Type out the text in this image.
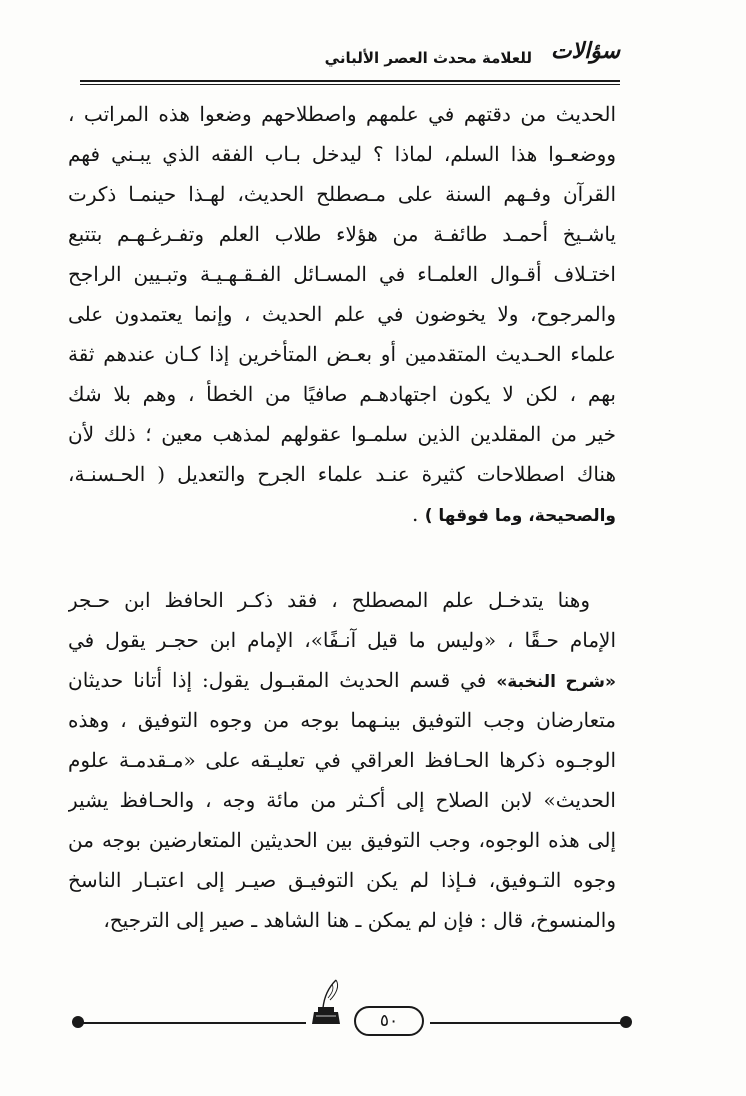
سؤالات
للعلامة محدث العصر الألباني
الحديث من دقتهم في علمهم واصطلاحهم وضعوا هذه المراتب ،
ووضعـوا هذا السلم، لماذا ؟ ليدخل بـاب الفقه الذي يبـني فهم
القرآن وفـهم السنة على مـصطلح الحديث، لهـذا حينمـا ذكرت
ياشـيخ أحمـد طائفـة من هؤلاء طلاب العلم وتفـرغـهـم بتتبع
اختـلاف أقـوال العلمـاء في المسـائل الفـقـهـيـة وتبـيين الراجح
والمرجوح، ولا يخوضون في علم الحديث ، وإنما يعتمدون على
علماء الحـديث المتقدمين أو بعـض المتأخرين إذا كـان عندهم ثقة
بهم ، لكن لا يكون اجتهادهـم صافيًا من الخطأ ، وهم بلا شك
خير من المقلدين الذين سلمـوا عقولهم لمذهب معين ؛ ذلك لأن
هناك اصطلاحات كثيرة عنـد علماء الجرح والتعديل ( الحـسنـة،
والصحيحة، وما فوقها ) .
وهنا يتدخـل علم المصطلح ، فقد ذكـر الحافظ ابن حـجر
الإمام حـقًا ، «وليس ما قيل آنـفًا»، الإمام ابن حجـر يقول في
«شرح النخبة» في قسم الحديث المقبـول يقول: إذا أتانا حديثان
متعارضان وجب التوفيق بينـهما بوجه من وجوه التوفيق ، وهذه
الوجـوه ذكرها الحـافظ العراقي في تعليـقه على «مـقدمـة علوم
الحديث» لابن الصلاح إلى أكـثر من مائة وجه ، والحـافظ يشير
إلى هذه الوجوه، وجب التوفيق بين الحديثين المتعارضين بوجه من
وجوه التـوفيق، فـإذا لم يكن التوفيـق صيـر إلى اعتبـار الناسخ
والمنسوخ، قال : فإن لم يمكن ـ هنا الشاهد ـ صير إلى الترجيح،
٥٠
